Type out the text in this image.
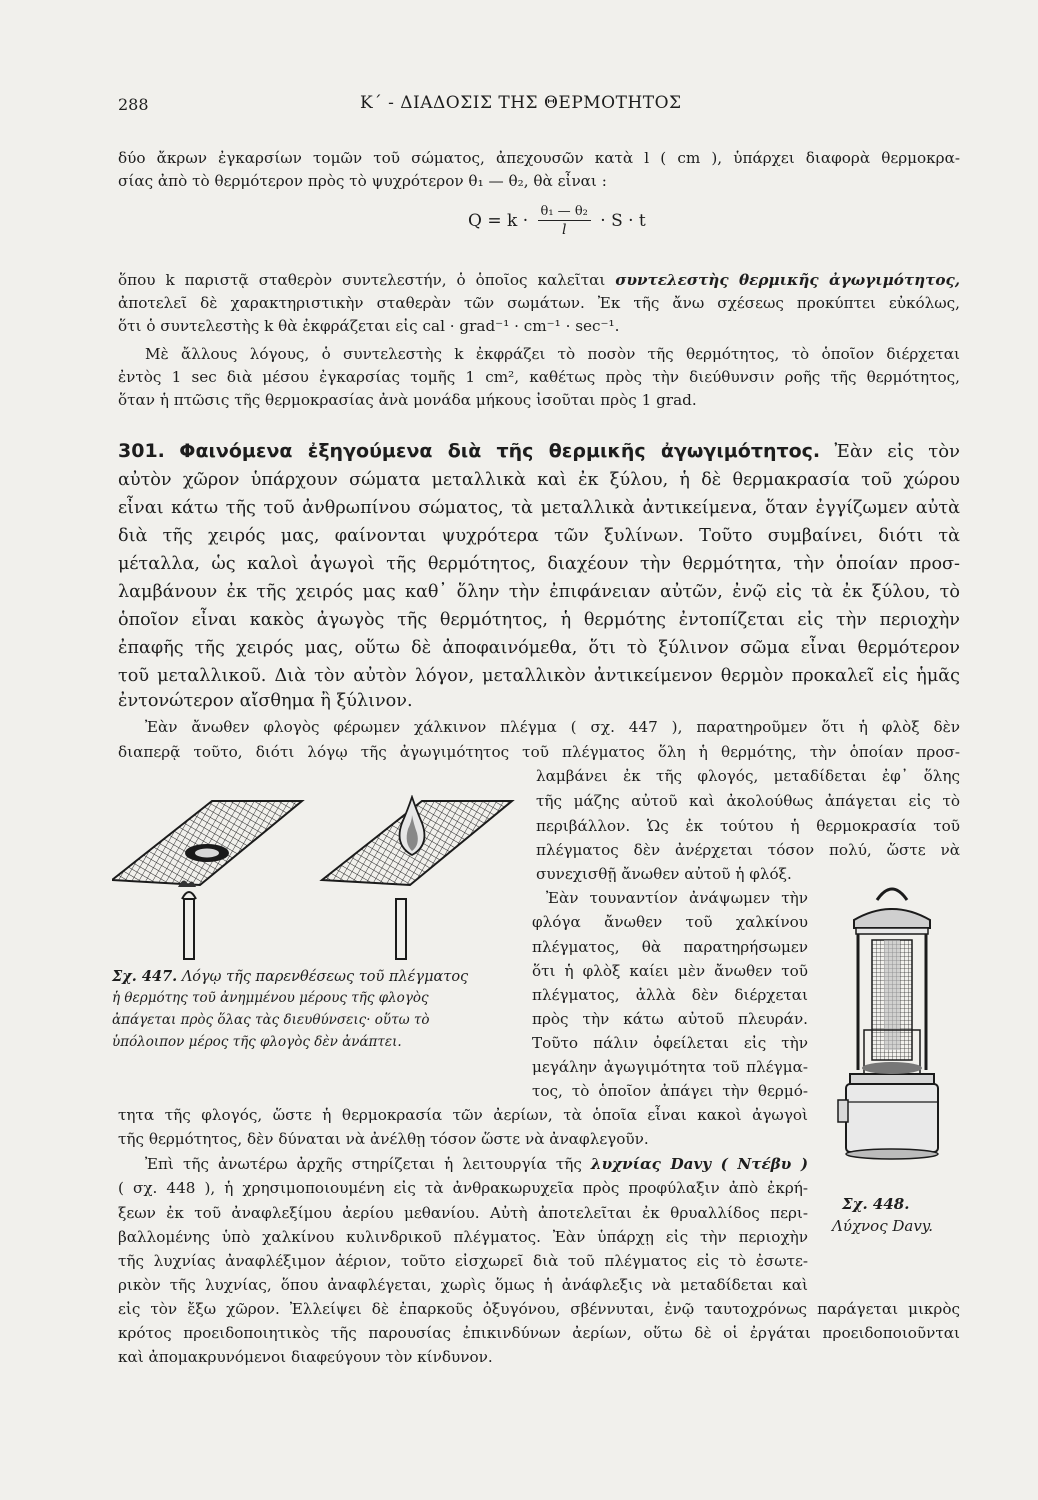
288	Κ΄ - ΔΙΑΔΟΣΙΣ ΤΗΣ ΘΕΡΜΟΤΗΤΟΣ
δύο ἄκρων ἐγκαρσίων τομῶν τοῦ σώματος, ἀπεχουσῶν κατὰ l ( cm ), ὑπάρχει διαφορὰ θερμοκρα-
σίας ἀπὸ τὸ θερμότερον πρὸς τὸ ψυχρότερον θ₁ — θ₂, θὰ εἶναι :
$Q = k \cdot \frac{\text{θ₁ — θ₂}}{l} \cdot S \cdot t$
ὅπου k παριστᾷ σταθερὸν συντελεστήν, ὁ ὁποῖος καλεῖται συντελεστὴς θερμικῆς ἀγωγιμότητος,
ἀποτελεῖ δὲ χαρακτηριστικὴν σταθερὰν τῶν σωμάτων. Ἐκ τῆς ἄνω σχέσεως προκύπτει εὐκόλως,
ὅτι ὁ συντελεστὴς k θὰ ἐκφράζεται εἰς cal · grad⁻¹ · cm⁻¹ · sec⁻¹.
Μὲ ἄλλους λόγους, ὁ συντελεστὴς k ἐκφράζει τὸ ποσὸν τῆς θερμότητος, τὸ ὁποῖον διέρχεται
ἐντὸς 1 sec διὰ μέσου ἐγκαρσίας τομῆς 1 cm², καθέτως πρὸς τὴν διεύθυνσιν ροῆς τῆς θερμότητος,
ὅταν ἡ πτῶσις τῆς θερμοκρασίας ἀνὰ μονάδα μήκους ἰσοῦται πρὸς 1 grad.
301. Φαινόμενα ἐξηγούμενα διὰ τῆς θερμικῆς ἀγωγιμότητος. Ἐὰν εἰς τὸν
αὐτὸν χῶρον ὑπάρχουν σώματα μεταλλικὰ καὶ ἐκ ξύλου, ἡ δὲ θερμακρασία τοῦ χώρου
εἶναι κάτω τῆς τοῦ ἀνθρωπίνου σώματος, τὰ μεταλλικὰ ἀντικείμενα, ὅταν ἐγγίζωμεν αὐτὰ
διὰ τῆς χειρός μας, φαίνονται ψυχρότερα τῶν ξυλίνων. Τοῦτο συμβαίνει, διότι τὰ
μέταλλα, ὡς καλοὶ ἀγωγοὶ τῆς θερμότητος, διαχέουν τὴν θερμότητα, τὴν ὁποίαν προσ-
λαμβάνουν ἐκ τῆς χειρός μας καθ᾽ ὅλην τὴν ἐπιφάνειαν αὐτῶν, ἐνῷ εἰς τὰ ἐκ ξύλου, τὸ
ὁποῖον εἶναι κακὸς ἀγωγὸς τῆς θερμότητος, ἡ θερμότης ἐντοπίζεται εἰς τὴν περιοχὴν
ἐπαφῆς τῆς χειρός μας, οὕτω δὲ ἀποφαινόμεθα, ὅτι τὸ ξύλινον σῶμα εἶναι θερμότερον
τοῦ μεταλλικοῦ. Διὰ τὸν αὐτὸν λόγον, μεταλλικὸν ἀντικείμενον θερμὸν προκαλεῖ εἰς ἡμᾶς
ἐντονώτερον αἴσθημα ἢ ξύλινον.
Ἐὰν ἄνωθεν φλογὸς φέρωμεν χάλκινον πλέγμα ( σχ. 447 ), παρατηροῦμεν ὅτι ἡ φλὸξ δὲν
διαπερᾷ τοῦτο, διότι λόγῳ τῆς ἀγωγιμότητος τοῦ πλέγματος ὅλη ἡ θερμότης, τὴν ὁποίαν προσ-
λαμβάνει ἐκ τῆς φλογός, μεταδίδεται ἐφ᾽ ὅλης
τῆς μάζης αὐτοῦ καὶ ἀκολούθως ἀπάγεται εἰς τὸ
περιβάλλον. Ὡς ἐκ τούτου ἡ θερμοκρασία τοῦ
πλέγματος δὲν ἀνέρχεται τόσον πολύ, ὥστε νὰ
συνεχισθῇ ἄνωθεν αὐτοῦ ἡ φλόξ.
Ἐὰν τουναντίον ἀνάψωμεν τὴν
φλόγα ἄνωθεν τοῦ χαλκίνου
πλέγματος, θὰ παρατηρήσωμεν
ὅτι ἡ φλὸξ καίει μὲν ἄνωθεν τοῦ
πλέγματος, ἀλλὰ δὲν διέρχεται
πρὸς τὴν κάτω αὐτοῦ πλευράν.
Τοῦτο πάλιν ὀφείλεται εἰς τὴν
μεγάλην ἀγωγιμότητα τοῦ πλέγμα-
τος, τὸ ὁποῖον ἀπάγει τὴν θερμό-
τητα τῆς φλογός, ὥστε ἡ θερμοκρασία τῶν ἀερίων, τὰ ὁποῖα εἶναι κακοὶ ἀγωγοὶ
τῆς θερμότητος, δὲν δύναται νὰ ἀνέλθῃ τόσον ὥστε νὰ ἀναφλεγοῦν.
Ἐπὶ τῆς ἀνωτέρω ἀρχῆς στηρίζεται ἡ λειτουργία τῆς λυχνίας Davy ( Ντέβυ )
( σχ. 448 ), ἡ χρησιμοποιουμένη εἰς τὰ ἀνθρακωρυχεῖα πρὸς προφύλαξιν ἀπὸ ἐκρή-
ξεων ἐκ τοῦ ἀναφλεξίμου ἀερίου μεθανίου. Αὐτὴ ἀποτελεῖται ἐκ θρυαλλίδος περι-
βαλλομένης ὑπὸ χαλκίνου κυλινδρικοῦ πλέγματος. Ἐὰν ὑπάρχῃ εἰς τὴν περιοχὴν
τῆς λυχνίας ἀναφλέξιμον ἀέριον, τοῦτο εἰσχωρεῖ διὰ τοῦ πλέγματος εἰς τὸ ἐσωτε-
ρικὸν τῆς λυχνίας, ὅπου ἀναφλέγεται, χωρὶς ὅμως ἡ ἀνάφλεξις νὰ μεταδίδεται καὶ
εἰς τὸν ἔξω χῶρον. Ἐλλείψει δὲ ἐπαρκοῦς ὀξυγόνου, σβέννυται, ἐνῷ ταυτοχρόνως παράγεται μικρὸς
κρότος προειδοποιητικὸς τῆς παρουσίας ἐπικινδύνων ἀερίων, οὕτω δὲ οἱ ἐργάται προειδοποιοῦνται
καὶ ἀπομακρυνόμενοι διαφεύγουν τὸν κίνδυνον.
Σχ. 447. Λόγῳ τῆς παρενθέσεως τοῦ πλέγματος
ἡ θερμότης τοῦ ἀνημμένου μέρους τῆς φλογὸς
ἀπάγεται πρὸς ὅλας τὰς διευθύνσεις· οὕτω τὸ
ὑπόλοιπον μέρος τῆς φλογὸς δὲν ἀνάπτει.
Σχ. 448.
Λύχνος Davy.
